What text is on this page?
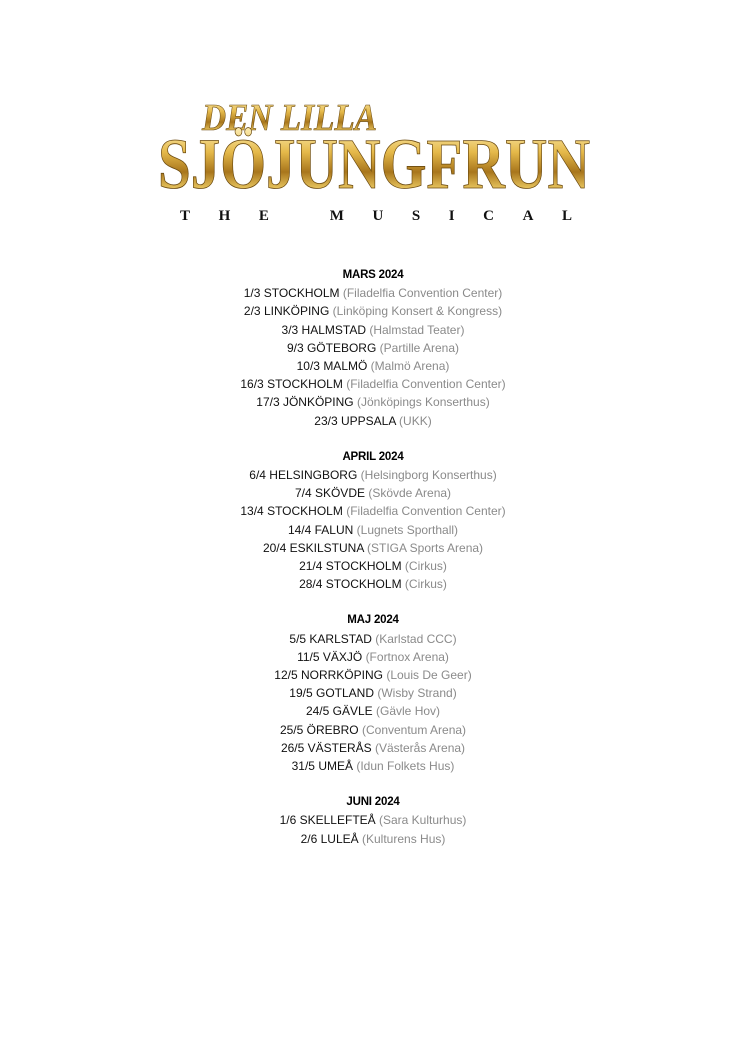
DEN LILLA
SJÖJUNGFRUN
THE MUSICAL
MARS 2024
1/3 STOCKHOLM (Filadelfia Convention Center)
2/3 LINKÖPING (Linköping Konsert & Kongress)
3/3 HALMSTAD (Halmstad Teater)
9/3 GÖTEBORG (Partille Arena)
10/3 MALMÖ (Malmö Arena)
16/3 STOCKHOLM (Filadelfia Convention Center)
17/3 JÖNKÖPING (Jönköpings Konserthus)
23/3 UPPSALA (UKK)
APRIL 2024
6/4 HELSINGBORG (Helsingborg Konserthus)
7/4 SKÖVDE (Skövde Arena)
13/4 STOCKHOLM (Filadelfia Convention Center)
14/4 FALUN (Lugnets Sporthall)
20/4 ESKILSTUNA (STIGA Sports Arena)
21/4 STOCKHOLM (Cirkus)
28/4 STOCKHOLM (Cirkus)
MAJ 2024
5/5 KARLSTAD (Karlstad CCC)
11/5 VÄXJÖ (Fortnox Arena)
12/5 NORRKÖPING (Louis De Geer)
19/5 GOTLAND (Wisby Strand)
24/5 GÄVLE (Gävle Hov)
25/5 ÖREBRO (Conventum Arena)
26/5 VÄSTERÅS (Västerås Arena)
31/5 UMEÅ (Idun Folkets Hus)
JUNI 2024
1/6 SKELLEFTEÅ (Sara Kulturhus)
2/6 LULEÅ (Kulturens Hus)
